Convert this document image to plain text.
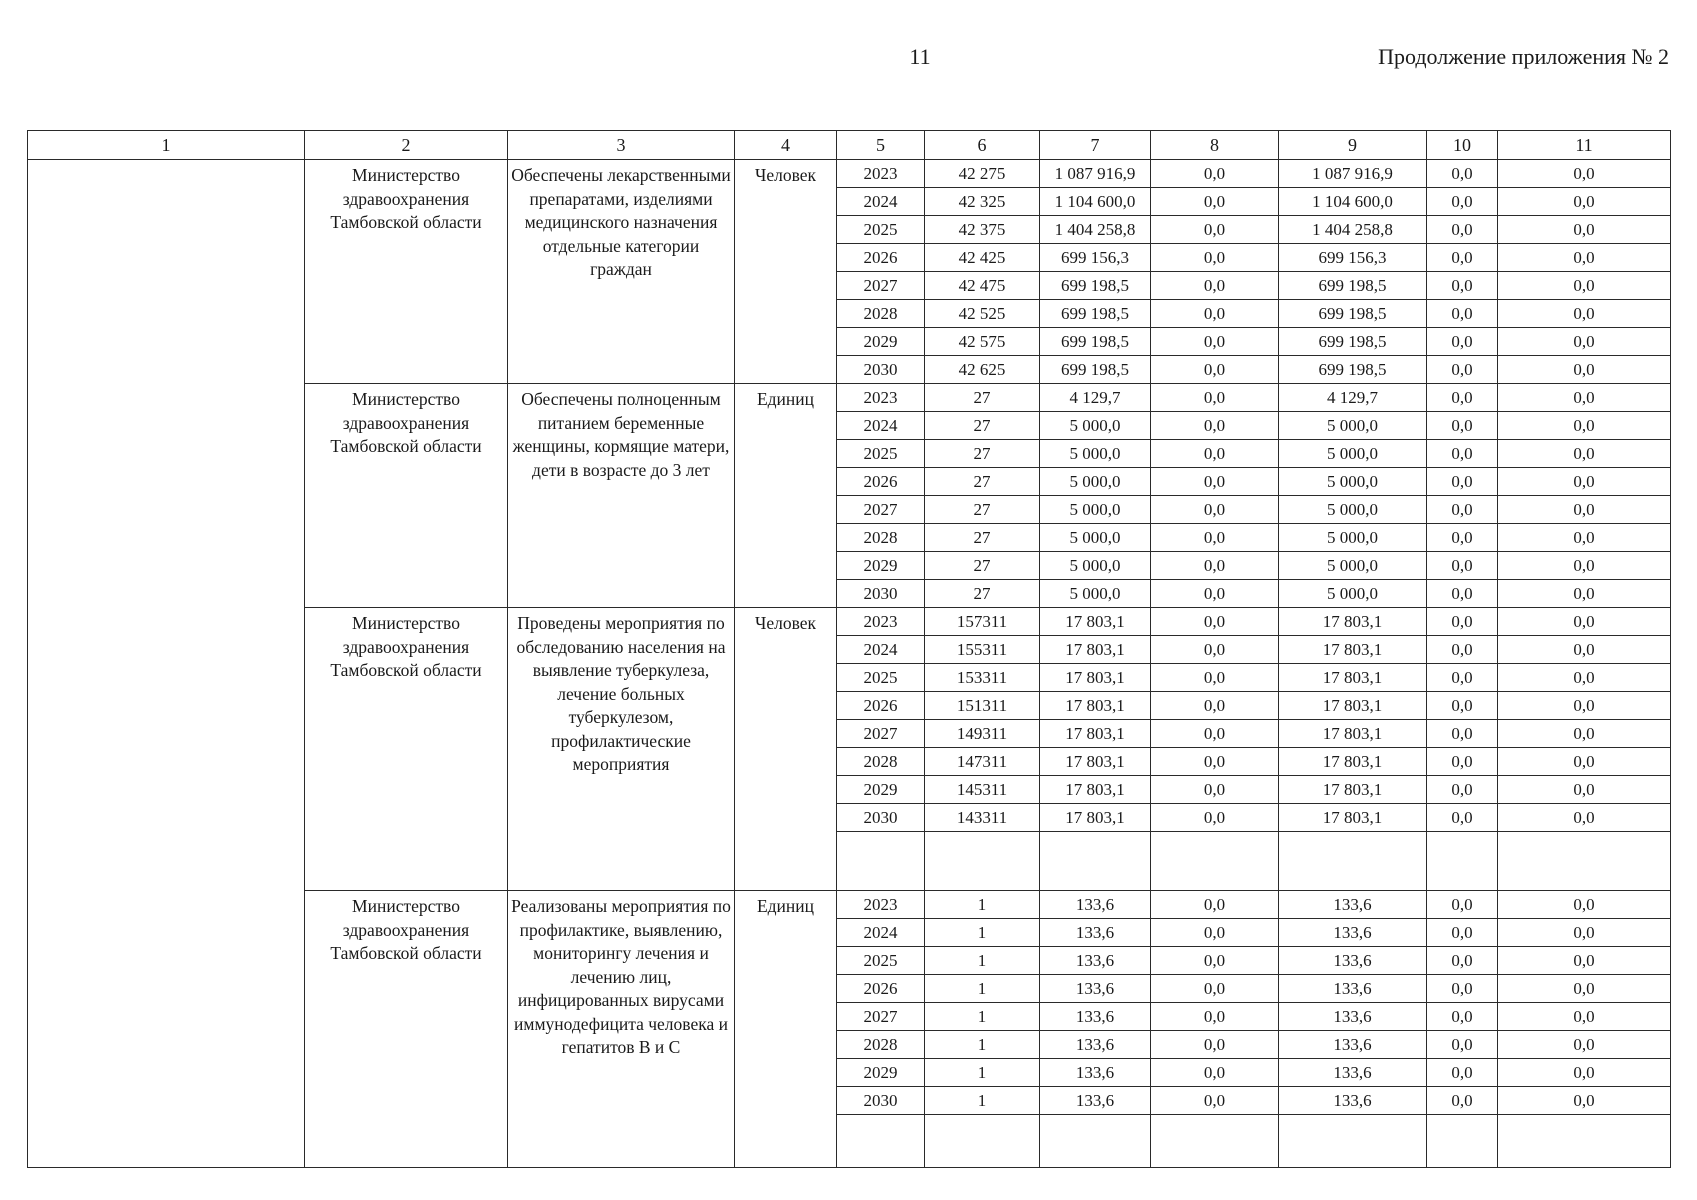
11	Продолжение приложения № 2
1	2	3	4	5	6	7	8	9	10	11
	Министерство здравоохранения Тамбовской области	Обеспечены лекарственными препаратами, изделиями медицинского назначения отдельные категории граждан	Человек	2023	42 275	1 087 916,9	0,0	1 087 916,9	0,0	0,0
				2024	42 325	1 104 600,0	0,0	1 104 600,0	0,0	0,0
				2025	42 375	1 404 258,8	0,0	1 404 258,8	0,0	0,0
				2026	42 425	699 156,3	0,0	699 156,3	0,0	0,0
				2027	42 475	699 198,5	0,0	699 198,5	0,0	0,0
				2028	42 525	699 198,5	0,0	699 198,5	0,0	0,0
				2029	42 575	699 198,5	0,0	699 198,5	0,0	0,0
				2030	42 625	699 198,5	0,0	699 198,5	0,0	0,0
	Министерство здравоохранения Тамбовской области	Обеспечены полноценным питанием беременные женщины, кормящие матери, дети в возрасте до 3 лет	Единиц	2023	27	4 129,7	0,0	4 129,7	0,0	0,0
				2024	27	5 000,0	0,0	5 000,0	0,0	0,0
				2025	27	5 000,0	0,0	5 000,0	0,0	0,0
				2026	27	5 000,0	0,0	5 000,0	0,0	0,0
				2027	27	5 000,0	0,0	5 000,0	0,0	0,0
				2028	27	5 000,0	0,0	5 000,0	0,0	0,0
				2029	27	5 000,0	0,0	5 000,0	0,0	0,0
				2030	27	5 000,0	0,0	5 000,0	0,0	0,0
	Министерство здравоохранения Тамбовской области	Проведены мероприятия по обследованию населения на выявление туберкулеза, лечение больных туберкулезом, профилактические мероприятия	Человек	2023	157311	17 803,1	0,0	17 803,1	0,0	0,0
				2024	155311	17 803,1	0,0	17 803,1	0,0	0,0
				2025	153311	17 803,1	0,0	17 803,1	0,0	0,0
				2026	151311	17 803,1	0,0	17 803,1	0,0	0,0
				2027	149311	17 803,1	0,0	17 803,1	0,0	0,0
				2028	147311	17 803,1	0,0	17 803,1	0,0	0,0
				2029	145311	17 803,1	0,0	17 803,1	0,0	0,0
				2030	143311	17 803,1	0,0	17 803,1	0,0	0,0

	Министерство здравоохранения Тамбовской области	Реализованы мероприятия по профилактике, выявлению, мониторингу лечения и лечению лиц, инфицированных вирусами иммунодефицита человека и гепатитов В и С	Единиц	2023	1	133,6	0,0	133,6	0,0	0,0
				2024	1	133,6	0,0	133,6	0,0	0,0
				2025	1	133,6	0,0	133,6	0,0	0,0
				2026	1	133,6	0,0	133,6	0,0	0,0
				2027	1	133,6	0,0	133,6	0,0	0,0
				2028	1	133,6	0,0	133,6	0,0	0,0
				2029	1	133,6	0,0	133,6	0,0	0,0
				2030	1	133,6	0,0	133,6	0,0	0,0
